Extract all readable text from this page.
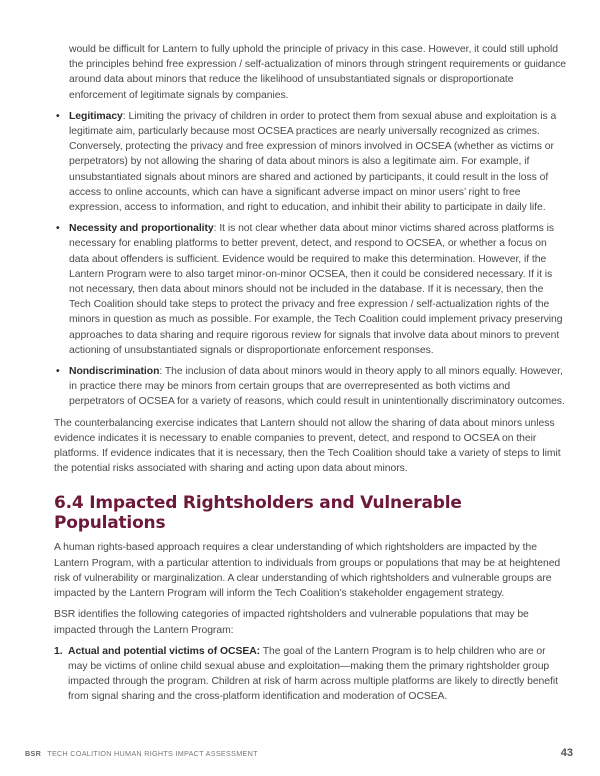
would be difficult for Lantern to fully uphold the principle of privacy in this case. However, it could still uphold the principles behind free expression / self-actualization of minors through stringent requirements or guidance around data about minors that reduce the likelihood of unsubstantiated signals or disproportionate enforcement of legitimate signals by companies.

• Legitimacy: Limiting the privacy of children in order to protect them from sexual abuse and exploitation is a legitimate aim, particularly because most OCSEA practices are nearly universally recognized as crimes. Conversely, protecting the privacy and free expression of minors involved in OCSEA (whether as victims or perpetrators) by not allowing the sharing of data about minors is also a legitimate aim. For example, if unsubstantiated signals about minors are shared and actioned by participants, it could result in the loss of access to online accounts, which can have a significant adverse impact on minor users’ right to free expression, access to information, and right to education, and inhibit their ability to participate in daily life.
• Necessity and proportionality: It is not clear whether data about minor victims shared across platforms is necessary for enabling platforms to better prevent, detect, and respond to OCSEA, or whether a focus on data about offenders is sufficient. Evidence would be required to make this determination. However, if the Lantern Program were to also target minor-on-minor OCSEA, then it could be considered necessary. If it is not necessary, then data about minors should not be included in the database. If it is necessary, then the Tech Coalition should take steps to protect the privacy and free expression / self-actualization rights of the minors in question as much as possible. For example, the Tech Coalition could implement privacy preserving approaches to data sharing and require rigorous review for signals that involve data about minors to prevent actioning of unsubstantiated signals or disproportionate enforcement responses.
• Nondiscrimination: The inclusion of data about minors would in theory apply to all minors equally. However, in practice there may be minors from certain groups that are overrepresented as both victims and perpetrators of OCSEA for a variety of reasons, which could result in unintentionally discriminatory outcomes.

The counterbalancing exercise indicates that Lantern should not allow the sharing of data about minors unless evidence indicates it is necessary to enable companies to prevent, detect, and respond to OCSEA on their platforms. If evidence indicates that it is necessary, then the Tech Coalition should take a variety of steps to limit the potential risks associated with sharing and acting upon data about minors.

6.4 Impacted Rightsholders and Vulnerable Populations

A human rights-based approach requires a clear understanding of which rightsholders are impacted by the Lantern Program, with a particular attention to individuals from groups or populations that may be at heightened risk of vulnerability or marginalization. A clear understanding of which rightsholders and vulnerable groups are impacted by the Lantern Program will inform the Tech Coalition’s stakeholder engagement strategy.

BSR identifies the following categories of impacted rightsholders and vulnerable populations that may be impacted through the Lantern Program:

1. Actual and potential victims of OCSEA: The goal of the Lantern Program is to help children who are or may be victims of online child sexual abuse and exploitation—making them the primary rightsholder group impacted through the program. Children at risk of harm across multiple platforms are likely to directly benefit from signal sharing and the cross-platform identification and moderation of OCSEA.
BSR TECH COALITION HUMAN RIGHTS IMPACT ASSESSMENT	43
